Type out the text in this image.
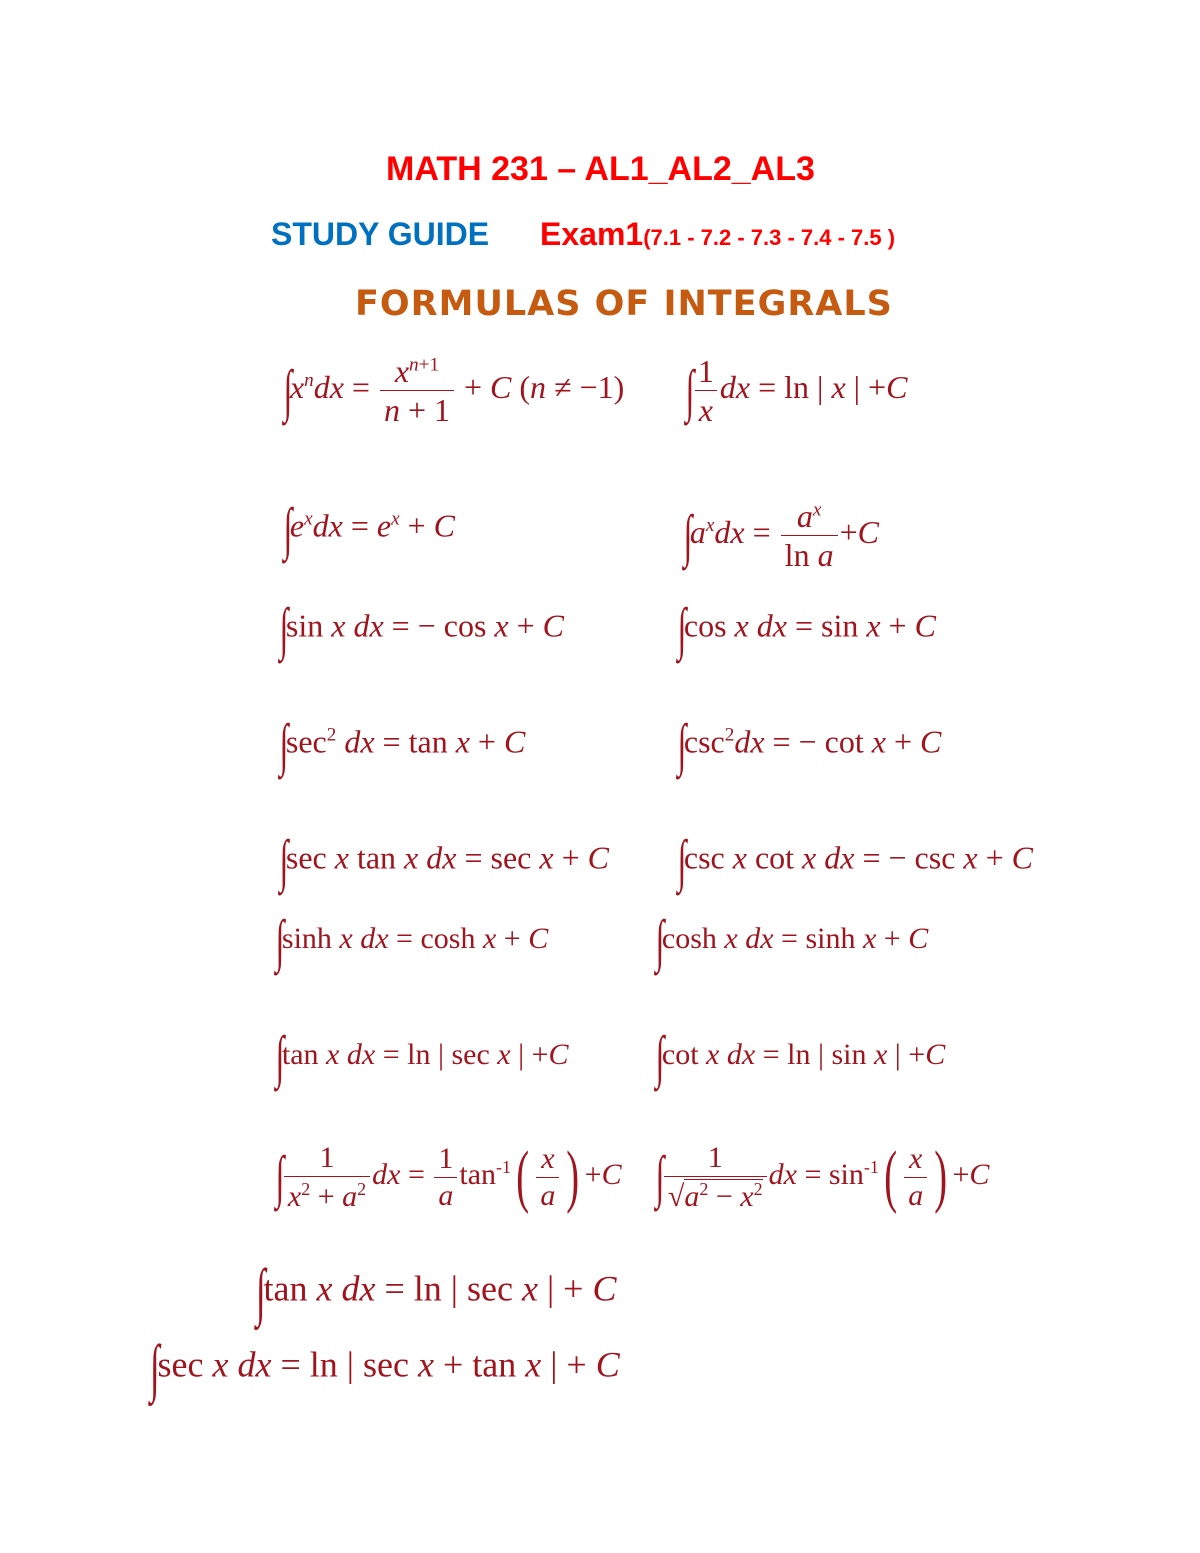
MATH 231 – AL1_AL2_AL3
STUDY GUIDE Exam1(7.1 - 7.2 - 7.3 - 7.4 - 7.5 )
FORMULAS OF INTEGRALS
$\int x^ndx = \frac{x^{n+1}}{n + 1} + C$ (n ≠ −1) ∫ $\frac{1}{x}$ dx = ln | x | +C
$\int e^xdx = e^x + C$	$\int a^xdx = \frac{a^x}{\text{ln a}} +C$
∫sin x dx = − cos x + C ∫cos x dx = sin x + C
$\int\sec^2$ dx = tan x + C	$\int\csc^2dx$ = − cot x + C
∫sec x tan x dx = sec x + C ∫csc x cot x dx = − csc x + C
∫sinh x dx = cosh x + C ∫cosh x dx = sinh x + C
∫tan x dx = ln | sec x | +C ∫cot x dx = ln | sin x | +C
∫ $\frac{1}{x^2 + a^2}$ dx = $\frac{1}{a} \tan^{-1}( \frac{x}{a}$ ) +C ∫ $\frac{1}{√a^2 - x^2}$ dx = $\sin^{-1}( \frac{x}{a}$ ) +C
∫tan x dx = ln | sec x | + C
∫sec x dx = ln | sec x + tan x | + C
